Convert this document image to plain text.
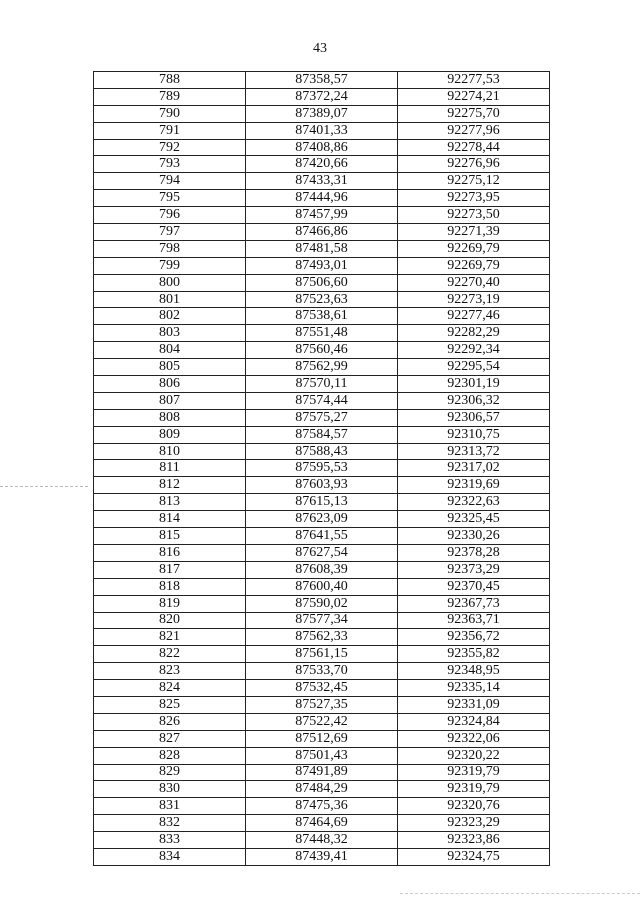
43
788	87358,57	92277,53
789	87372,24	92274,21
790	87389,07	92275,70
791	87401,33	92277,96
792	87408,86	92278,44
793	87420,66	92276,96
794	87433,31	92275,12
795	87444,96	92273,95
796	87457,99	92273,50
797	87466,86	92271,39
798	87481,58	92269,79
799	87493,01	92269,79
800	87506,60	92270,40
801	87523,63	92273,19
802	87538,61	92277,46
803	87551,48	92282,29
804	87560,46	92292,34
805	87562,99	92295,54
806	87570,11	92301,19
807	87574,44	92306,32
808	87575,27	92306,57
809	87584,57	92310,75
810	87588,43	92313,72
811	87595,53	92317,02
812	87603,93	92319,69
813	87615,13	92322,63
814	87623,09	92325,45
815	87641,55	92330,26
816	87627,54	92378,28
817	87608,39	92373,29
818	87600,40	92370,45
819	87590,02	92367,73
820	87577,34	92363,71
821	87562,33	92356,72
822	87561,15	92355,82
823	87533,70	92348,95
824	87532,45	92335,14
825	87527,35	92331,09
826	87522,42	92324,84
827	87512,69	92322,06
828	87501,43	92320,22
829	87491,89	92319,79
830	87484,29	92319,79
831	87475,36	92320,76
832	87464,69	92323,29
833	87448,32	92323,86
834	87439,41	92324,75
